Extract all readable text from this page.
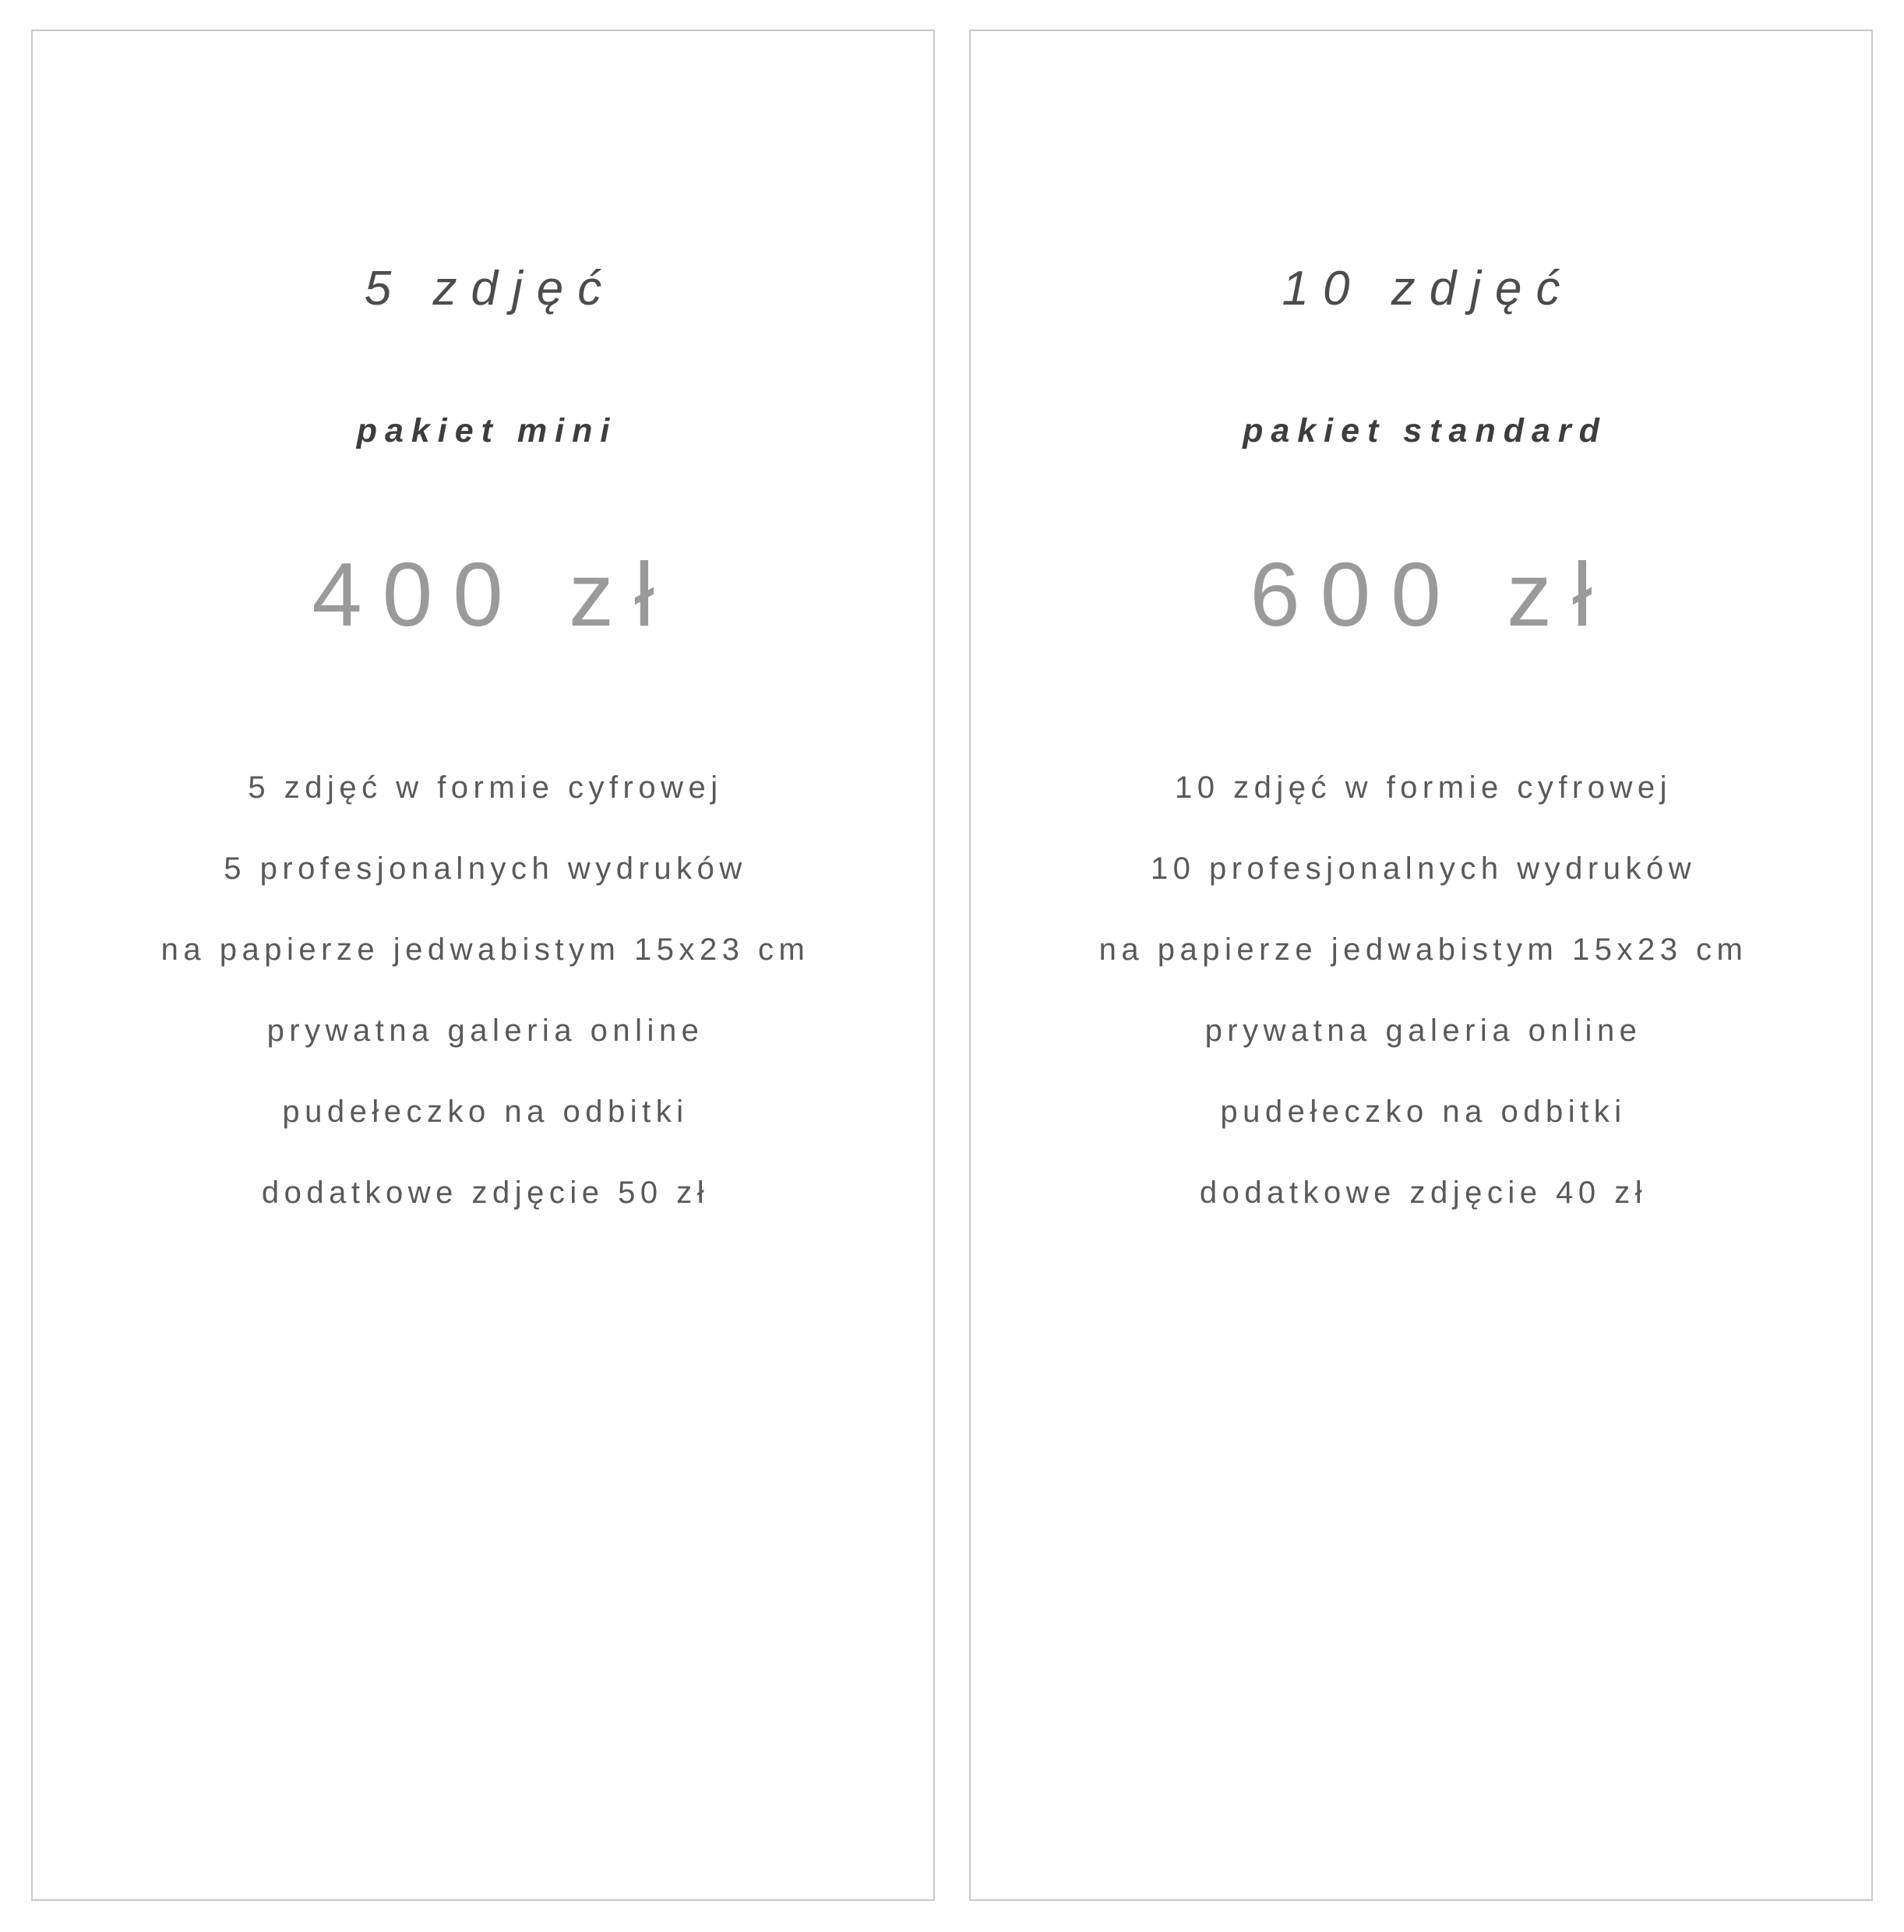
5 zdjęć
pakiet mini
400 zł
5 zdjęć w formie cyfrowej
5 profesjonalnych wydruków
na papierze jedwabistym 15x23 cm
prywatna galeria online
pudełeczko na odbitki
dodatkowe zdjęcie 50 zł
10 zdjęć
pakiet standard
600 zł
10 zdjęć w formie cyfrowej
10 profesjonalnych wydruków
na papierze jedwabistym 15x23 cm
prywatna galeria online
pudełeczko na odbitki
dodatkowe zdjęcie 40 zł
